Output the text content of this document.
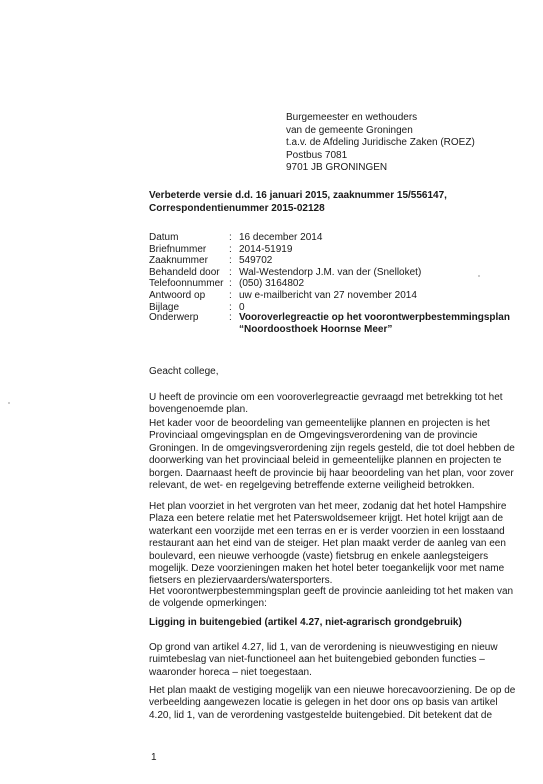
Burgemeester en wethouders
van de gemeente Groningen
t.a.v. de Afdeling Juridische Zaken (ROEZ)
Postbus 7081
9701 JB GRONINGEN
Verbeterde versie d.d. 16 januari 2015, zaaknummer 15/556147, Correspondentienummer 2015-02128
Datum	: 16 december 2014
Briefnummer	: 2014-51919
Zaaknummer	: 549702
Behandeld door : Wal-Westendorp J.M. van der (Snelloket)
Telefoonnummer : (050) 3164802
Antwoord op	: uw e-mailbericht van 27 november 2014
Bijlage	: 0
Onderwerp	: Vooroverlegreactie op het voorontwerpbestemmingsplan “Noordoosthoek Hoornse Meer”
Geacht college,
U heeft de provincie om een vooroverlegreactie gevraagd met betrekking tot het bovengenoemde plan.
Het kader voor de beoordeling van gemeentelijke plannen en projecten is het Provinciaal omgevingsplan en de Omgevingsverordening van de provincie Groningen. In de omgevingsverordening zijn regels gesteld, die tot doel hebben de doorwerking van het provinciaal beleid in gemeentelijke plannen en projecten te borgen. Daarnaast heeft de provincie bij haar beoordeling van het plan, voor zover relevant, de wet- en regelgeving betreffende externe veiligheid betrokken.
Het plan voorziet in het vergroten van het meer, zodanig dat het hotel Hampshire Plaza een betere relatie met het Paterswoldsemeer krijgt. Het hotel krijgt aan de waterkant een voorzijde met een terras en er is verder voorzien in een losstaand restaurant aan het eind van de steiger. Het plan maakt verder de aanleg van een boulevard, een nieuwe verhoogde (vaste) fietsbrug en enkele aanlegsteigers mogelijk. Deze voorzieningen maken het hotel beter toegankelijk voor met name fietsers en pleziervaarders/watersporters.
Het voorontwerpbestemmingsplan geeft de provincie aanleiding tot het maken van de volgende opmerkingen:
Ligging in buitengebied (artikel 4.27, niet-agrarisch grondgebruik)
Op grond van artikel 4.27, lid 1, van de verordening is nieuwvestiging en nieuw ruimtebeslag van niet-functioneel aan het buitengebied gebonden functies – waaronder horeca – niet toegestaan.
Het plan maakt de vestiging mogelijk van een nieuwe horecavoorziening. De op de verbeelding aangewezen locatie is gelegen in het door ons op basis van artikel 4.20, lid 1, van de verordening vastgestelde buitengebied. Dit betekent dat de
1
